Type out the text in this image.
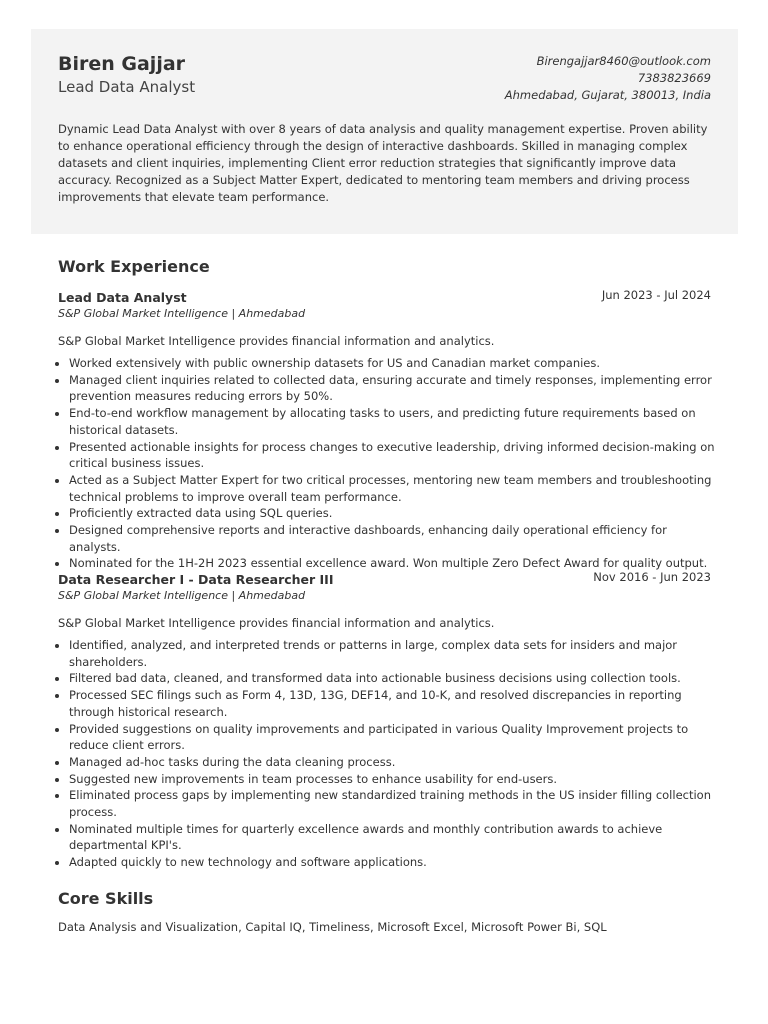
Biren Gajjar
Lead Data Analyst
Birengajjar8460@outlook.com
7383823669
Ahmedabad, Gujarat, 380013, India
Dynamic Lead Data Analyst with over 8 years of data analysis and quality management expertise. Proven ability to enhance operational efficiency through the design of interactive dashboards. Skilled in managing complex datasets and client inquiries, implementing Client error reduction strategies that significantly improve data accuracy. Recognized as a Subject Matter Expert, dedicated to mentoring team members and driving process improvements that elevate team performance.
Work Experience
Lead Data Analyst	Jun 2023 - Jul 2024
S&P Global Market Intelligence | Ahmedabad
S&P Global Market Intelligence provides financial information and analytics.
• Worked extensively with public ownership datasets for US and Canadian market companies.
• Managed client inquiries related to collected data, ensuring accurate and timely responses, implementing error prevention measures reducing errors by 50%.
• End-to-end workflow management by allocating tasks to users, and predicting future requirements based on historical datasets.
• Presented actionable insights for process changes to executive leadership, driving informed decision-making on critical business issues.
• Acted as a Subject Matter Expert for two critical processes, mentoring new team members and troubleshooting technical problems to improve overall team performance.
• Proficiently extracted data using SQL queries.
• Designed comprehensive reports and interactive dashboards, enhancing daily operational efficiency for analysts.
• Nominated for the 1H-2H 2023 essential excellence award. Won multiple Zero Defect Award for quality output.
Data Researcher I - Data Researcher III	Nov 2016 - Jun 2023
S&P Global Market Intelligence | Ahmedabad
S&P Global Market Intelligence provides financial information and analytics.
• Identified, analyzed, and interpreted trends or patterns in large, complex data sets for insiders and major shareholders.
• Filtered bad data, cleaned, and transformed data into actionable business decisions using collection tools.
• Processed SEC filings such as Form 4, 13D, 13G, DEF14, and 10-K, and resolved discrepancies in reporting through historical research.
• Provided suggestions on quality improvements and participated in various Quality Improvement projects to reduce client errors.
• Managed ad-hoc tasks during the data cleaning process.
• Suggested new improvements in team processes to enhance usability for end-users.
• Eliminated process gaps by implementing new standardized training methods in the US insider filling collection process.
• Nominated multiple times for quarterly excellence awards and monthly contribution awards to achieve departmental KPI's.
• Adapted quickly to new technology and software applications.
Core Skills
Data Analysis and Visualization, Capital IQ, Timeliness, Microsoft Excel, Microsoft Power Bi, SQL
